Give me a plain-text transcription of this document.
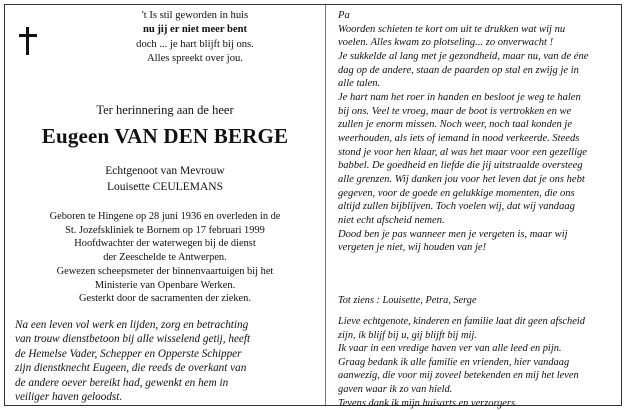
't Is stil geworden in huis
nu jij er niet meer bent
doch ... je hart blijft bij ons.
Alles spreekt over jou.
Ter herinnering aan de heer
Eugeen VAN DEN BERGE
Echtgenoot van Mevrouw
Louisette CEULEMANS
Geboren te Hingene op 28 juni 1936 en overleden in de
St. Jozefskliniek te Bornem op 17 februari 1999
Hoofdwachter der waterwegen bij de dienst
der Zeeschelde te Antwerpen.
Gewezen scheepsmeter der binnenvaartuigen bij het
Ministerie van Openbare Werken.
Gesterkt door de sacramenten der zieken.
Na een leven vol werk en lijden, zorg en betrachting
van trouw dienstbetoon bij alle wisselend getij, heeft
de Hemelse Vader, Schepper en Opperste Schipper
zijn dienstknecht Eugeen, die reeds de overkant van
de andere oever bereikt had, gewenkt en hem in
veiliger haven geloodst.
Pa
Woorden schieten te kort om uit te drukken wat wij nu
voelen. Alles kwam zo plotseling... zo onverwacht !
Je sukkelde al lang met je gezondheid, maar nu, van de éne
dag op de andere, staan de paarden op stal en zwijg je in
alle talen.
Je hart nam het roer in handen en besloot je weg te halen
bij ons. Veel te vroeg, maar de boot is vertrokken en we
zullen je enorm missen. Noch weer, noch taal konden je
weerhouden, als iets of iemand in nood verkeerde. Steeds
stond je voor hen klaar, al was het maar voor een gezellige
babbel. De goedheid en liefde die jij uitstraalde oversteeg
alle grenzen. Wij danken jou voor het leven dat je ons hebt
gegeven, voor de goede en gelukkige momenten, die ons
altijd zullen bijblijven. Toch voelen wij, dat wij vandaag
niet echt afscheid nemen.
Dood ben je pas wanneer men je vergeten is, maar wij
vergeten je niet, wij houden van je!
Tot ziens : Louisette, Petra, Serge
Lieve echtgenote, kinderen en familie laat dit geen afscheid
zijn, ik blijf bij u, gij blijft bij mij.
Ik vaar in een vredige haven ver van alle leed en pijn.
Graag bedank ik alle familie en vrienden, hier vandaag
aanwezig, die voor mij zoveel betekenden en mij het leven
gaven waar ik zo van hield.
Tevens dank ik mijn huisarts en verzorgers.
